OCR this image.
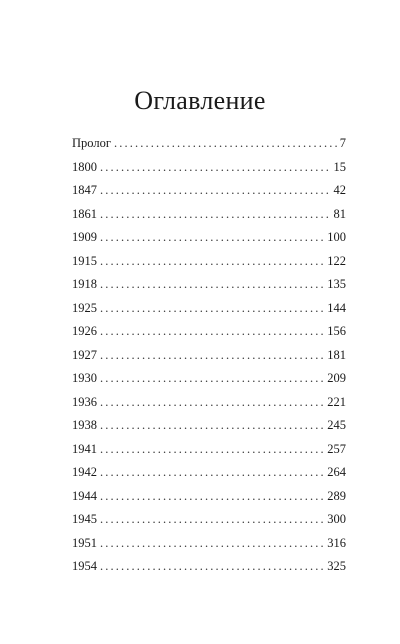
Оглавление
Пролог . . .	7
1800 . . .	15
1847 . . .	42
1861 . . .	81
1909 . . .	100
1915 . . .	122
1918 . . .	135
1925 . . .	144
1926 . . .	156
1927 . . .	181
1930 . . .	209
1936 . . .	221
1938 . . .	245
1941 . . .	257
1942 . . .	264
1944 . . .	289
1945 . . .	300
1951 . . .	316
1954 . . .	325
